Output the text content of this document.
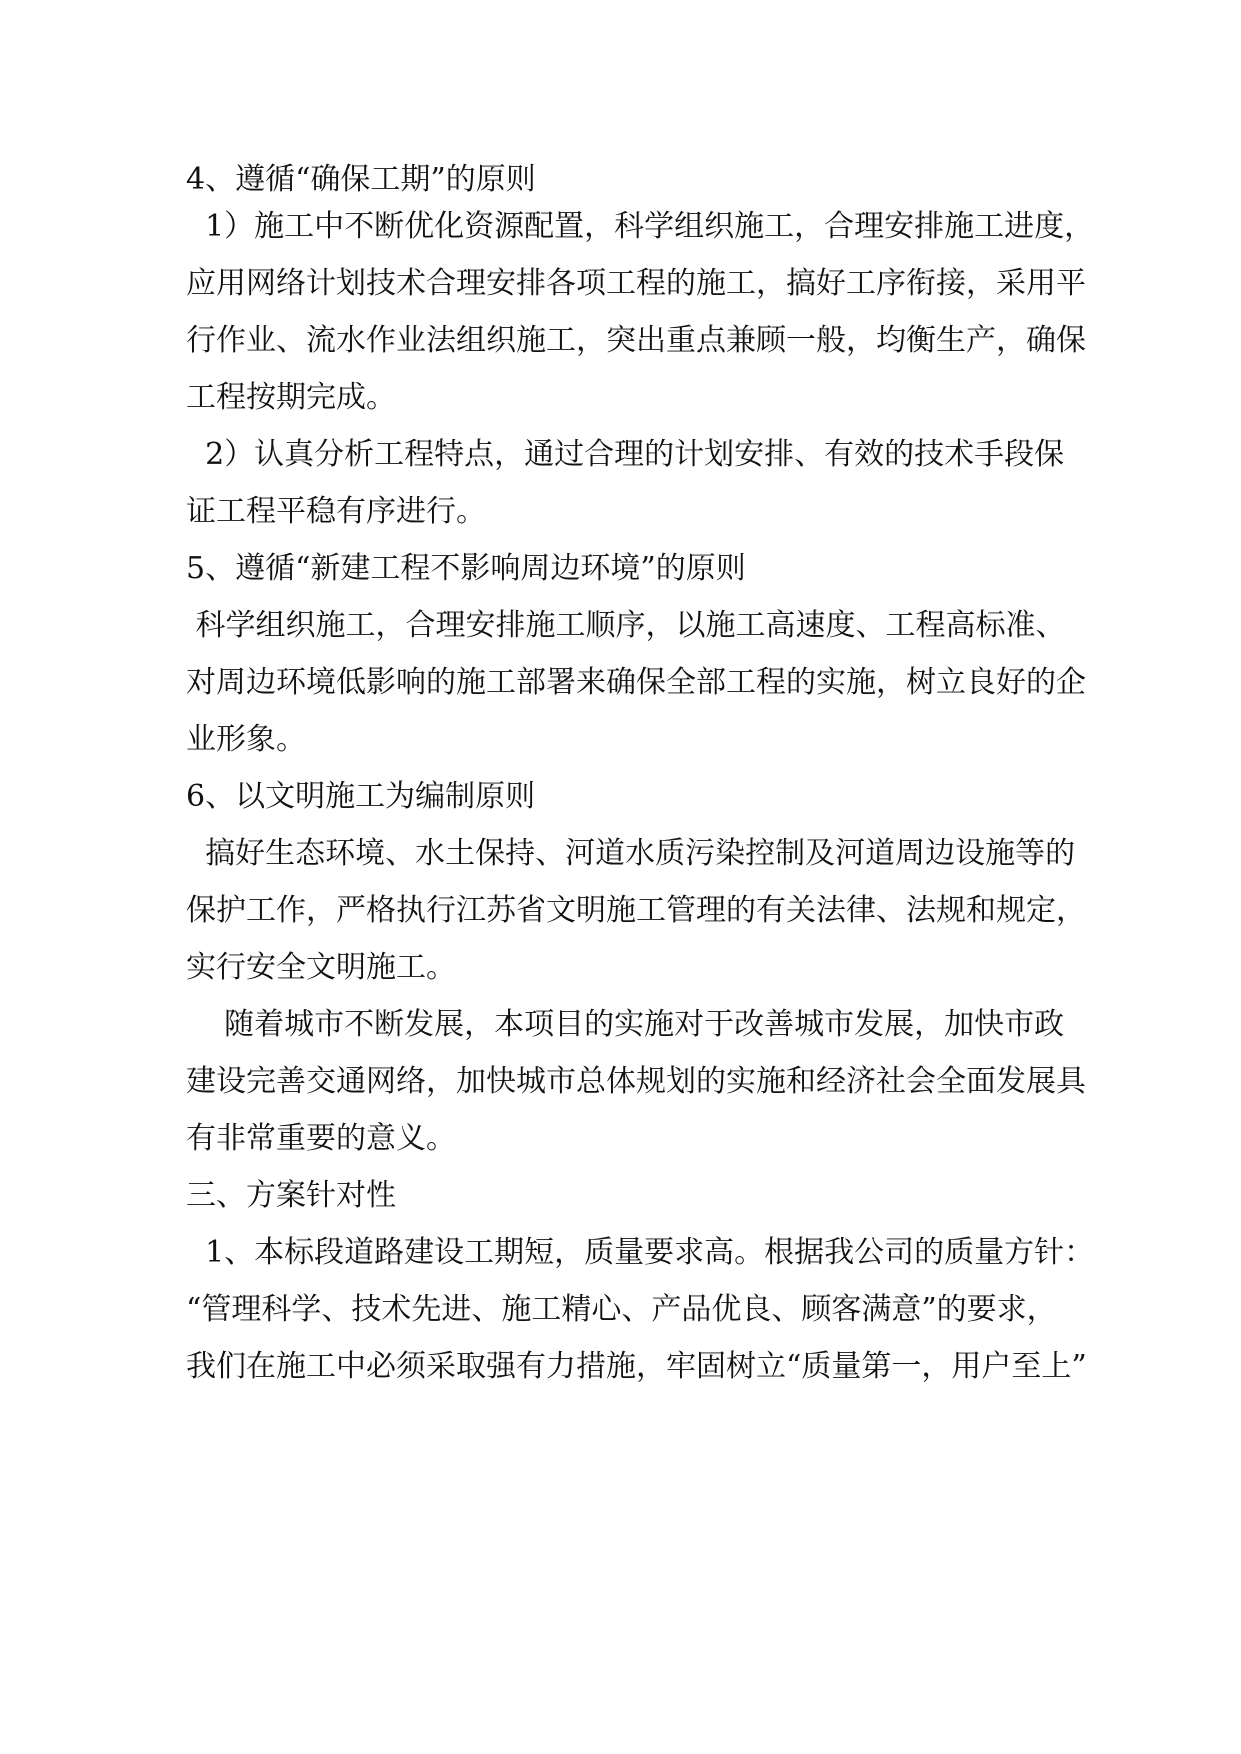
4、遵循“确保工期”的原则

1）施工中不断优化资源配置，科学组织施工，合理安排施工进度，

应用网络计划技术合理安排各项工程的施工，搞好工序衔接，采用平

行作业、流水作业法组织施工，突出重点兼顾一般，均衡生产，确保

工程按期完成。

2）认真分析工程特点，通过合理的计划安排、有效的技术手段保

证工程平稳有序进行。

5、遵循“新建工程不影响周边环境”的原则

科学组织施工，合理安排施工顺序，以施工高速度、工程高标准、

对周边环境低影响的施工部署来确保全部工程的实施，树立良好的企

业形象。

6、以文明施工为编制原则

搞好生态环境、水土保持、河道水质污染控制及河道周边设施等的

保护工作，严格执行江苏省文明施工管理的有关法律、法规和规定，

实行安全文明施工。

随着城市不断发展，本项目的实施对于改善城市发展，加快市政

建设完善交通网络，加快城市总体规划的实施和经济社会全面发展具

有非常重要的意义。

三、方案针对性

1、本标段道路建设工期短，质量要求高。根据我公司的质量方针：

“管理科学、技术先进、施工精心、产品优良、顾客满意”的要求，

我们在施工中必须采取强有力措施，牢固树立“质量第一，用户至上”
